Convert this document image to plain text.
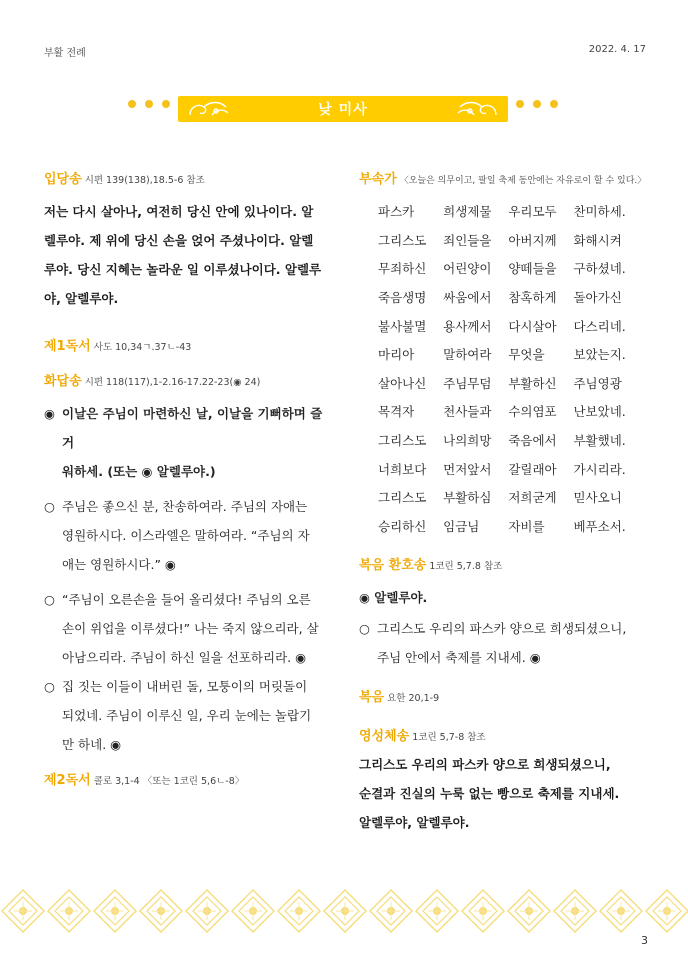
부활 전례	2022. 4. 17
낮 미사

입당송 시편 139(138),18.5-6 참조

저는 다시 살아나, 여전히 당신 안에 있나이다. 알
렐루야. 제 위에 당신 손을 얹어 주셨나이다. 알렐
루야. 당신 지혜는 놀라운 일 이루셨나이다. 알렐루
야, 알렐루야.

제1독서 사도 10,34ㄱ.37ㄴ-43

화답송 시편 118(117),1-2.16-17.22-23(◉ 24)

◉ 이날은 주님이 마련하신 날, 이날을 기뻐하며 즐거
워하세. (또는 ◉ 알렐루야.)

○ 주님은 좋으신 분, 찬송하여라. 주님의 자애는
영원하시다. 이스라엘은 말하여라. “주님의 자
애는 영원하시다.” ◉

○ “주님이 오른손을 들어 올리셨다! 주님의 오른
손이 위업을 이루셨다!” 나는 죽지 않으리라, 살
아남으리라. 주님이 하신 일을 선포하리라. ◉

○ 집 짓는 이들이 내버린 돌, 모퉁이의 머릿돌이
되었네. 주님이 이루신 일, 우리 눈에는 놀랍기
만 하네. ◉

제2독서 콜로 3,1-4 〈또는 1코린 5,6ㄴ-8〉

부속가 〈오늘은 의무이고, 팔일 축제 동안에는 자유로이 할 수 있다.〉

파스카	희생제물	우리모두	찬미하세.
그리스도	죄인들을	아버지께	화해시켜
무죄하신	어린양이	양떼들을	구하셨네.
죽음생명	싸움에서	참혹하게	돌아가신
불사불멸	용사께서	다시살아	다스리네.
마리아	말하여라	무엇을	보았는지.
살아나신	주님무덤	부활하신	주님영광
목격자	천사들과	수의염포	난보았네.
그리스도	나의희망	죽음에서	부활했네.
너희보다	먼저앞서	갈릴래아	가시리라.
그리스도	부활하심	저희굳게	믿사오니
승리하신	임금님	자비를	베푸소서.

복음 환호송 1코린 5,7.8 참조

◉ 알렐루야.

○ 그리스도 우리의 파스카 양으로 희생되셨으니,
주님 안에서 축제를 지내세. ◉

복음 요한 20,1-9

영성체송 1코린 5,7-8 참조

그리스도 우리의 파스카 양으로 희생되셨으니,
순결과 진실의 누룩 없는 빵으로 축제를 지내세.
알렐루야, 알렐루야.

3
